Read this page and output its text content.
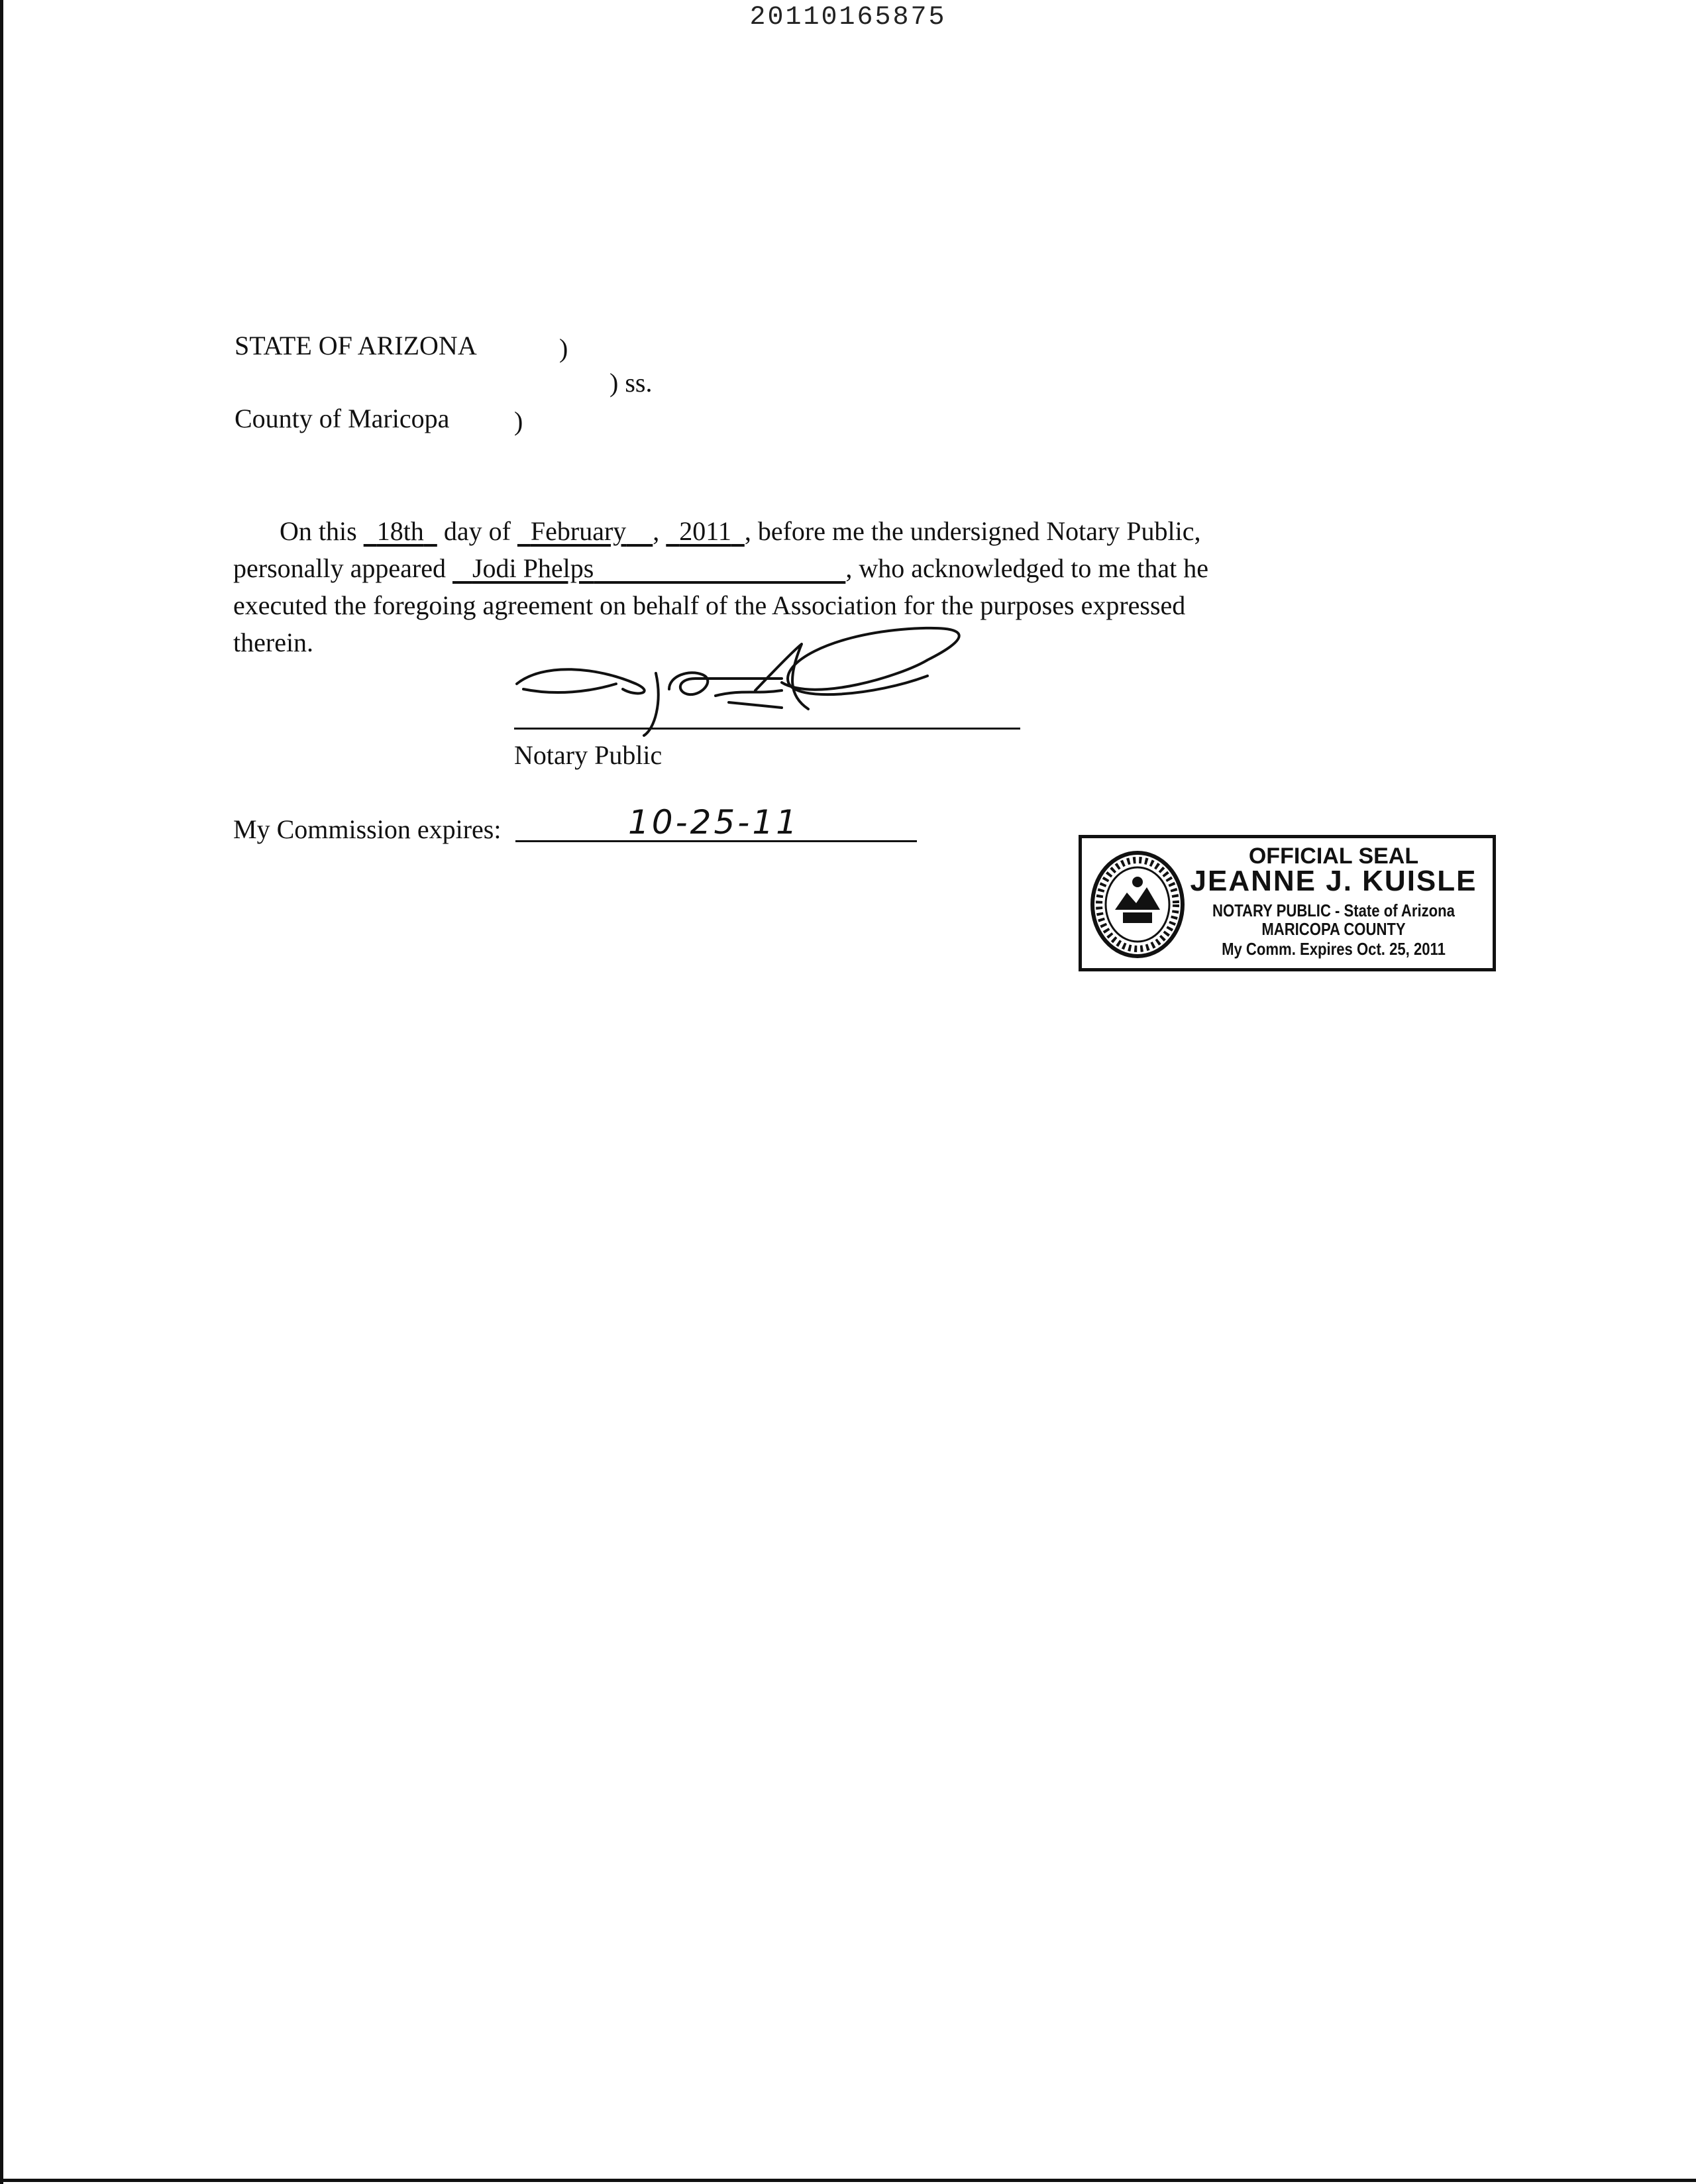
20110165875
STATE OF ARIZONA	)
) ss.
County of Maricopa )
On this 18th day of February , 2011 , before me the undersigned Notary Public,
personally appeared Jodi Phelps	, who acknowledged to me that he
executed the foregoing agreement on behalf of the Association for the purposes expressed
therein.
Notary Public
My Commission expires:	10-25-11
OFFICIAL SEAL
JEANNE J. KUISLE
NOTARY PUBLIC - State of Arizona
MARICOPA COUNTY
My Comm. Expires Oct. 25, 2011
